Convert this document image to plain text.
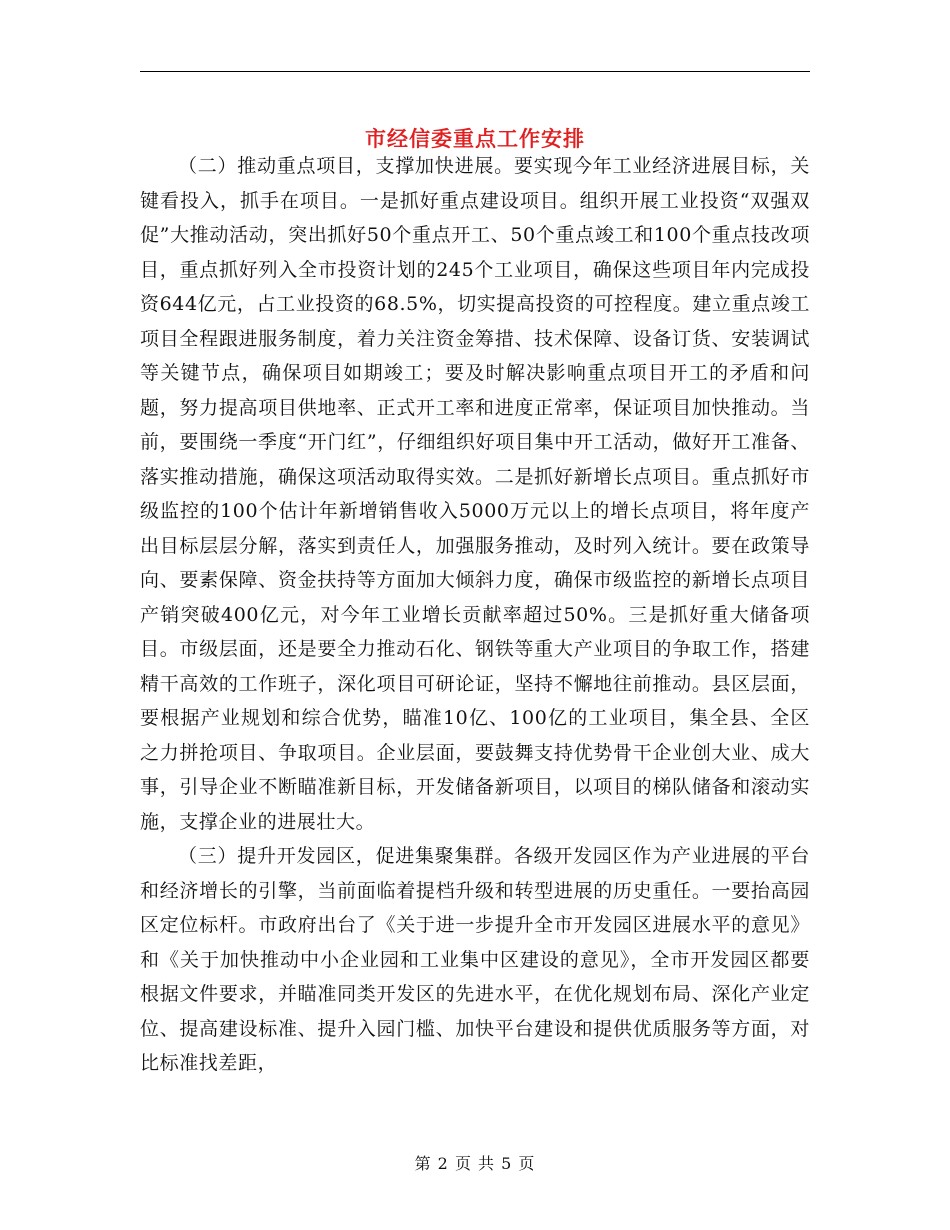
市经信委重点工作安排

（二）推动重点项目，支撑加快进展。要实现今年工业经济进展目标，关键看投入，抓手在项目。一是抓好重点建设项目。组织开展工业投资“双强双促”大推动活动，突出抓好50个重点开工、50个重点竣工和100个重点技改项目，重点抓好列入全市投资计划的245个工业项目，确保这些项目年内完成投资644亿元，占工业投资的68.5%，切实提高投资的可控程度。建立重点竣工项目全程跟进服务制度，着力关注资金筹措、技术保障、设备订货、安装调试等关键节点，确保项目如期竣工；要及时解决影响重点项目开工的矛盾和问题，努力提高项目供地率、正式开工率和进度正常率，保证项目加快推动。当前，要围绕一季度“开门红”，仔细组织好项目集中开工活动，做好开工准备、落实推动措施，确保这项活动取得实效。二是抓好新增长点项目。重点抓好市级监控的100个估计年新增销售收入5000万元以上的增长点项目，将年度产出目标层层分解，落实到责任人，加强服务推动，及时列入统计。要在政策导向、要素保障、资金扶持等方面加大倾斜力度，确保市级监控的新增长点项目产销突破400亿元，对今年工业增长贡献率超过50%。三是抓好重大储备项目。市级层面，还是要全力推动石化、钢铁等重大产业项目的争取工作，搭建精干高效的工作班子，深化项目可研论证，坚持不懈地往前推动。县区层面，要根据产业规划和综合优势，瞄准10亿、100亿的工业项目，集全县、全区之力拼抢项目、争取项目。企业层面，要鼓舞支持优势骨干企业创大业、成大事，引导企业不断瞄准新目标，开发储备新项目，以项目的梯队储备和滚动实施，支撑企业的进展壮大。

（三）提升开发园区，促进集聚集群。各级开发园区作为产业进展的平台和经济增长的引擎，当前面临着提档升级和转型进展的历史重任。一要抬高园区定位标杆。市政府出台了《关于进一步提升全市开发园区进展水平的意见》和《关于加快推动中小企业园和工业集中区建设的意见》，全市开发园区都要根据文件要求，并瞄准同类开发区的先进水平，在优化规划布局、深化产业定位、提高建设标准、提升入园门槛、加快平台建设和提供优质服务等方面，对比标准找差距，

第 2 页 共 5 页
